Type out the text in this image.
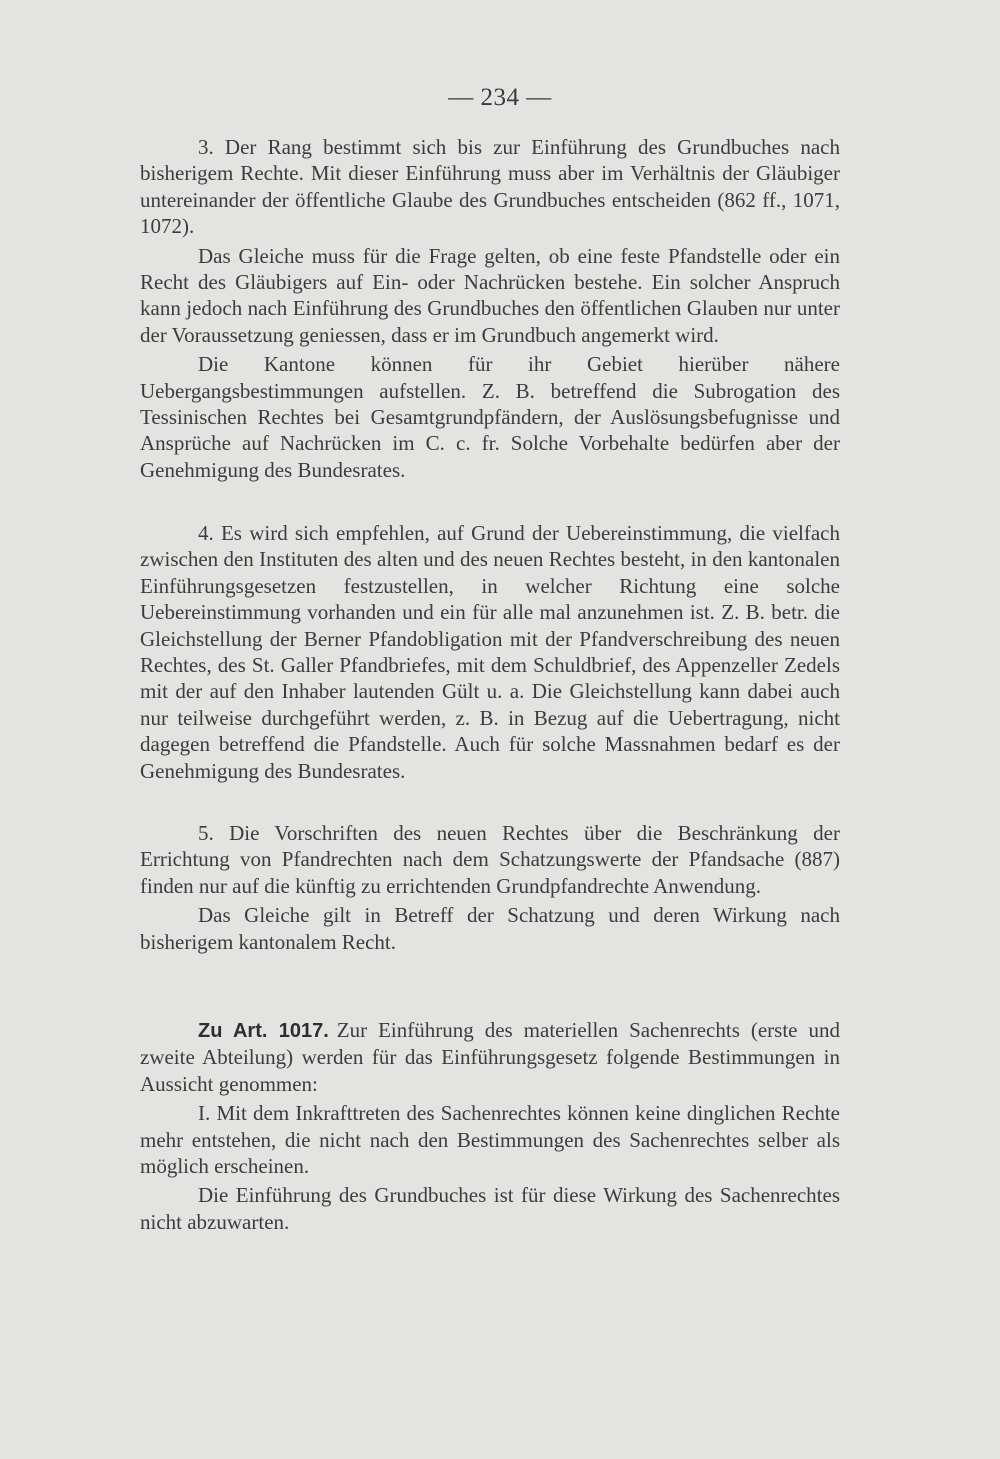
— 234 —

3. Der Rang bestimmt sich bis zur Einführung des Grundbuches nach bisherigem Rechte. Mit dieser Einführung muss aber im Verhältnis der Gläubiger untereinander der öffentliche Glaube des Grundbuches entscheiden (862 ff., 1071, 1072).

Das Gleiche muss für die Frage gelten, ob eine feste Pfandstelle oder ein Recht des Gläubigers auf Ein- oder Nachrücken bestehe. Ein solcher Anspruch kann jedoch nach Einführung des Grundbuches den öffentlichen Glauben nur unter der Voraussetzung geniessen, dass er im Grundbuch angemerkt wird.

Die Kantone können für ihr Gebiet hierüber nähere Uebergangsbestimmungen aufstellen. Z. B. betreffend die Subrogation des Tessinischen Rechtes bei Gesamtgrundpfändern, der Auslösungsbefugnisse und Ansprüche auf Nachrücken im C. c. fr. Solche Vorbehalte bedürfen aber der Genehmigung des Bundesrates.

4. Es wird sich empfehlen, auf Grund der Uebereinstimmung, die vielfach zwischen den Instituten des alten und des neuen Rechtes besteht, in den kantonalen Einführungsgesetzen festzustellen, in welcher Richtung eine solche Uebereinstimmung vorhanden und ein für alle mal anzunehmen ist. Z. B. betr. die Gleichstellung der Berner Pfandobligation mit der Pfandverschreibung des neuen Rechtes, des St. Galler Pfandbriefes, mit dem Schuldbrief, des Appenzeller Zedels mit der auf den Inhaber lautenden Gült u. a. Die Gleichstellung kann dabei auch nur teilweise durchgeführt werden, z. B. in Bezug auf die Uebertragung, nicht dagegen betreffend die Pfandstelle. Auch für solche Massnahmen bedarf es der Genehmigung des Bundesrates.

5. Die Vorschriften des neuen Rechtes über die Beschränkung der Errichtung von Pfandrechten nach dem Schatzungswerte der Pfandsache (887) finden nur auf die künftig zu errichtenden Grundpfandrechte Anwendung.

Das Gleiche gilt in Betreff der Schatzung und deren Wirkung nach bisherigem kantonalem Recht.

Zu Art. 1017. Zur Einführung des materiellen Sachenrechts (erste und zweite Abteilung) werden für das Einführungsgesetz folgende Bestimmungen in Aussicht genommen:

I. Mit dem Inkrafttreten des Sachenrechtes können keine dinglichen Rechte mehr entstehen, die nicht nach den Bestimmungen des Sachenrechtes selber als möglich erscheinen.

Die Einführung des Grundbuches ist für diese Wirkung des Sachenrechtes nicht abzuwarten.
